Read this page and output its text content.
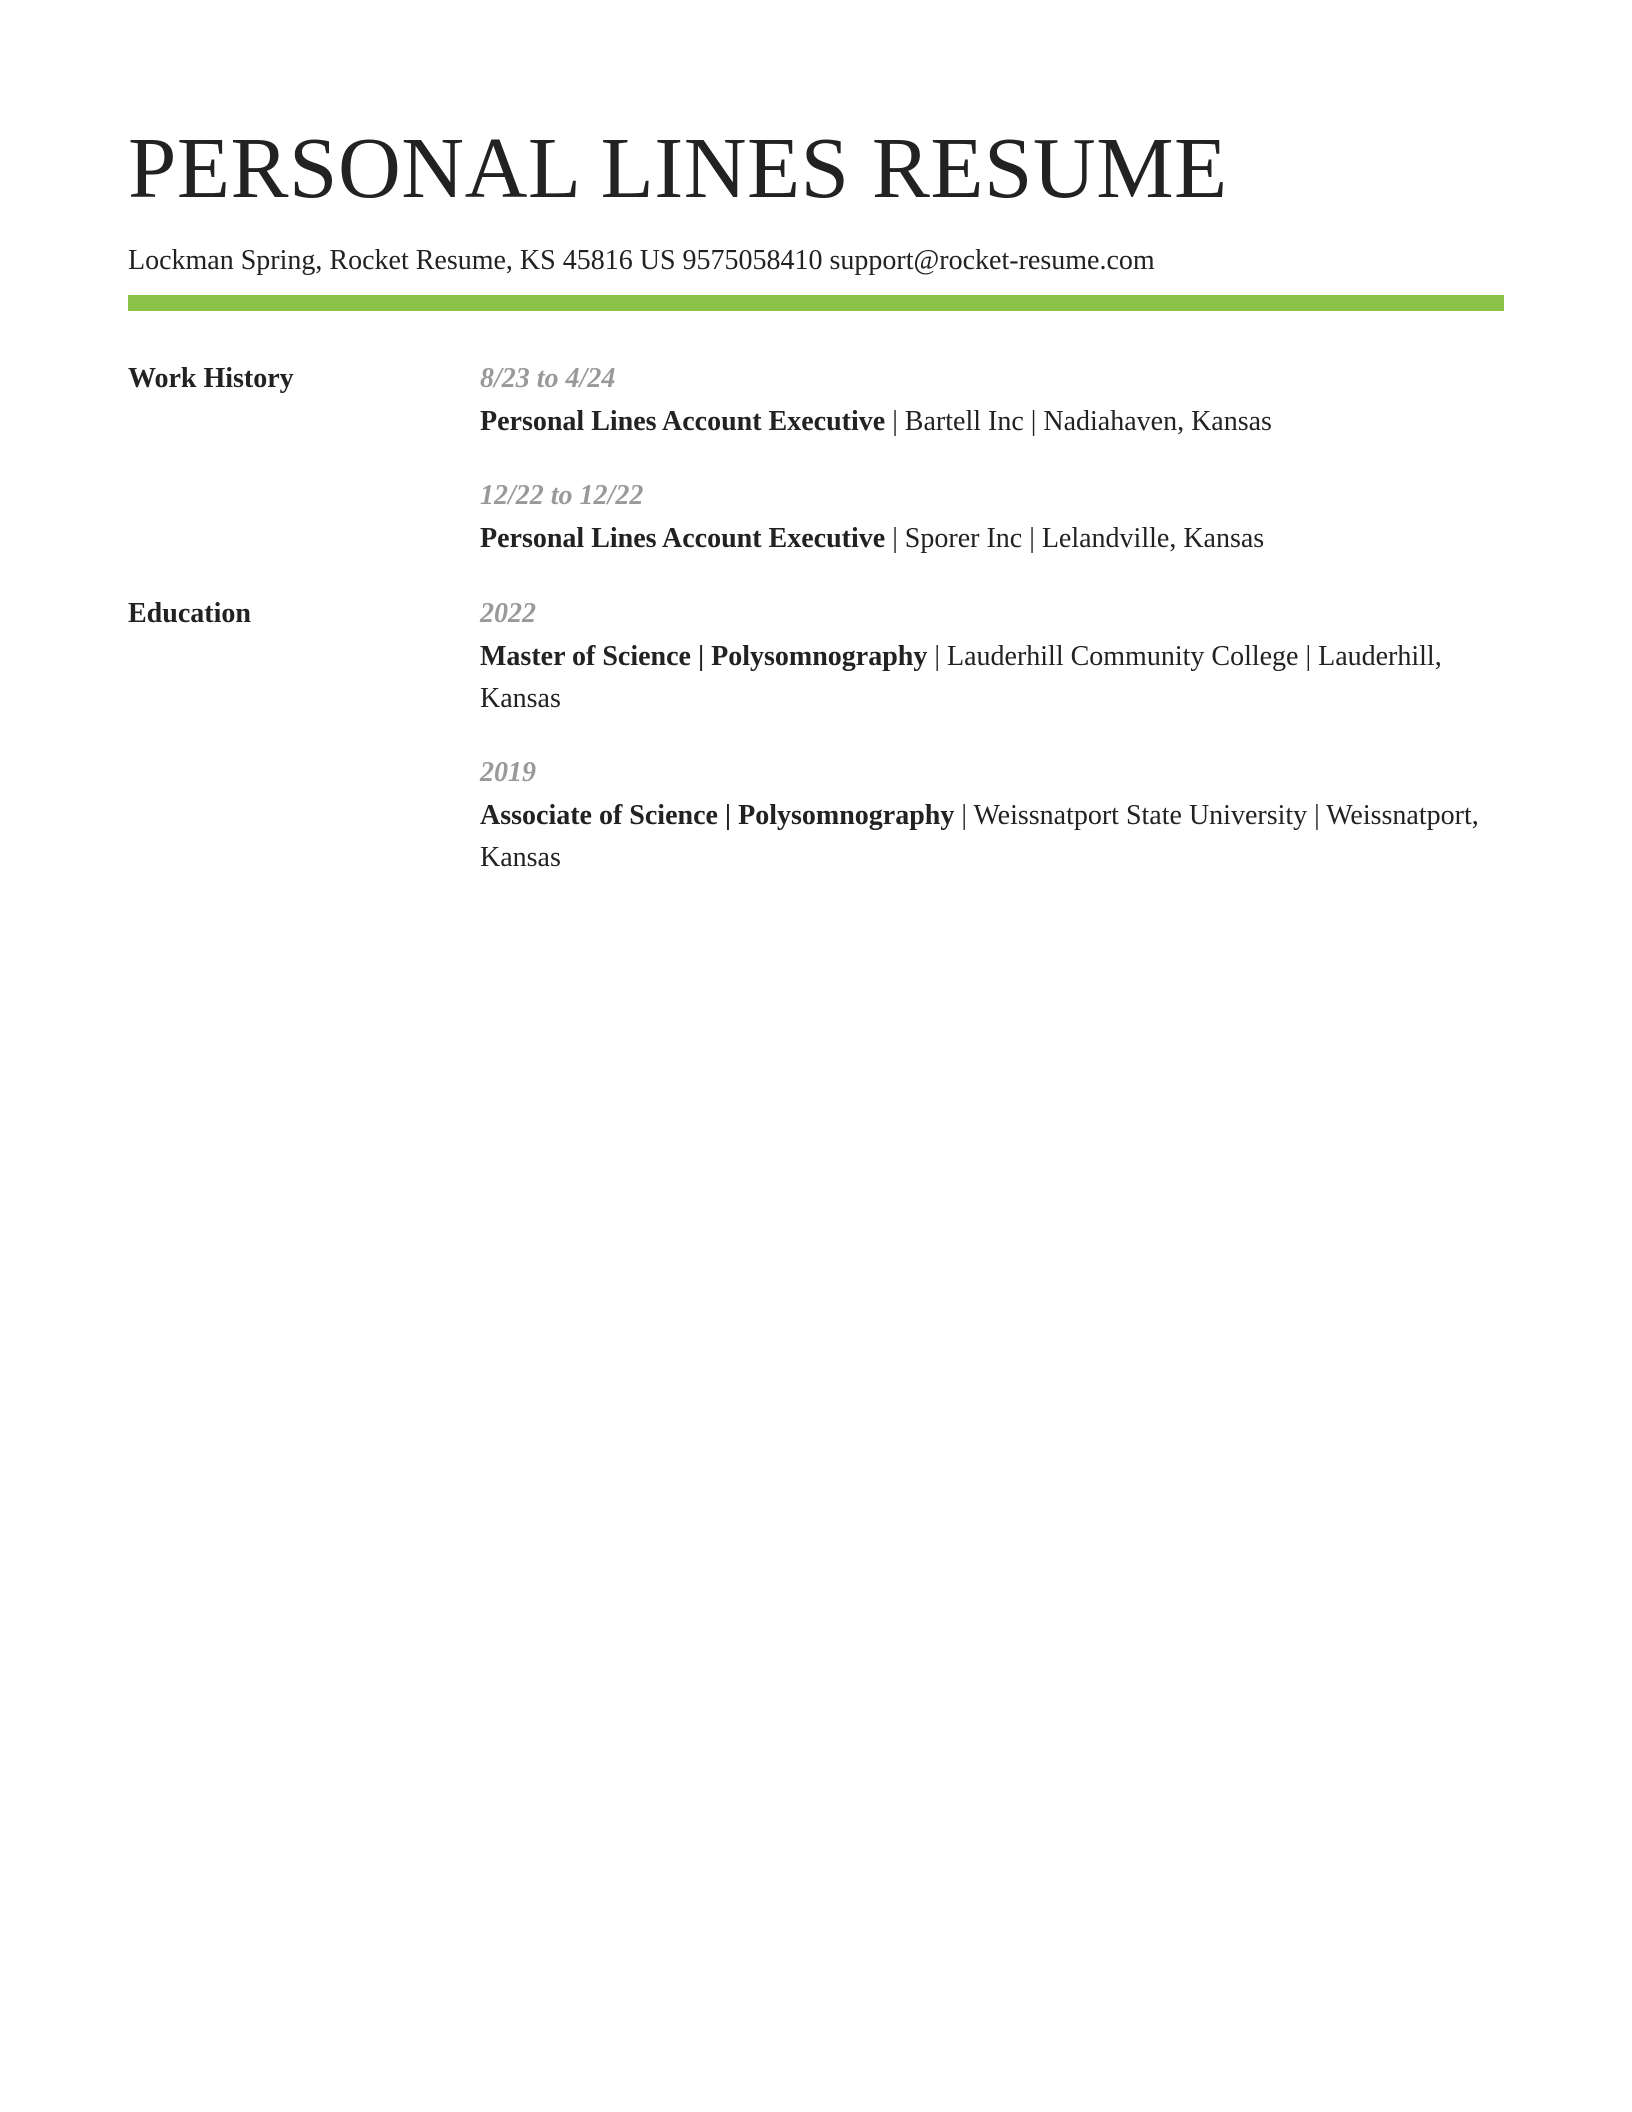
PERSONAL LINES RESUME
Lockman Spring, Rocket Resume, KS 45816 US 9575058410 support@rocket-resume.com
Work History	8/23 to 4/24
Personal Lines Account Executive | Bartell Inc | Nadiahaven, Kansas
12/22 to 12/22
Personal Lines Account Executive | Sporer Inc | Lelandville, Kansas
Education	2022
Master of Science | Polysomnography | Lauderhill Community College | Lauderhill, Kansas
2019
Associate of Science | Polysomnography | Weissnatport State University | Weissnatport, Kansas
